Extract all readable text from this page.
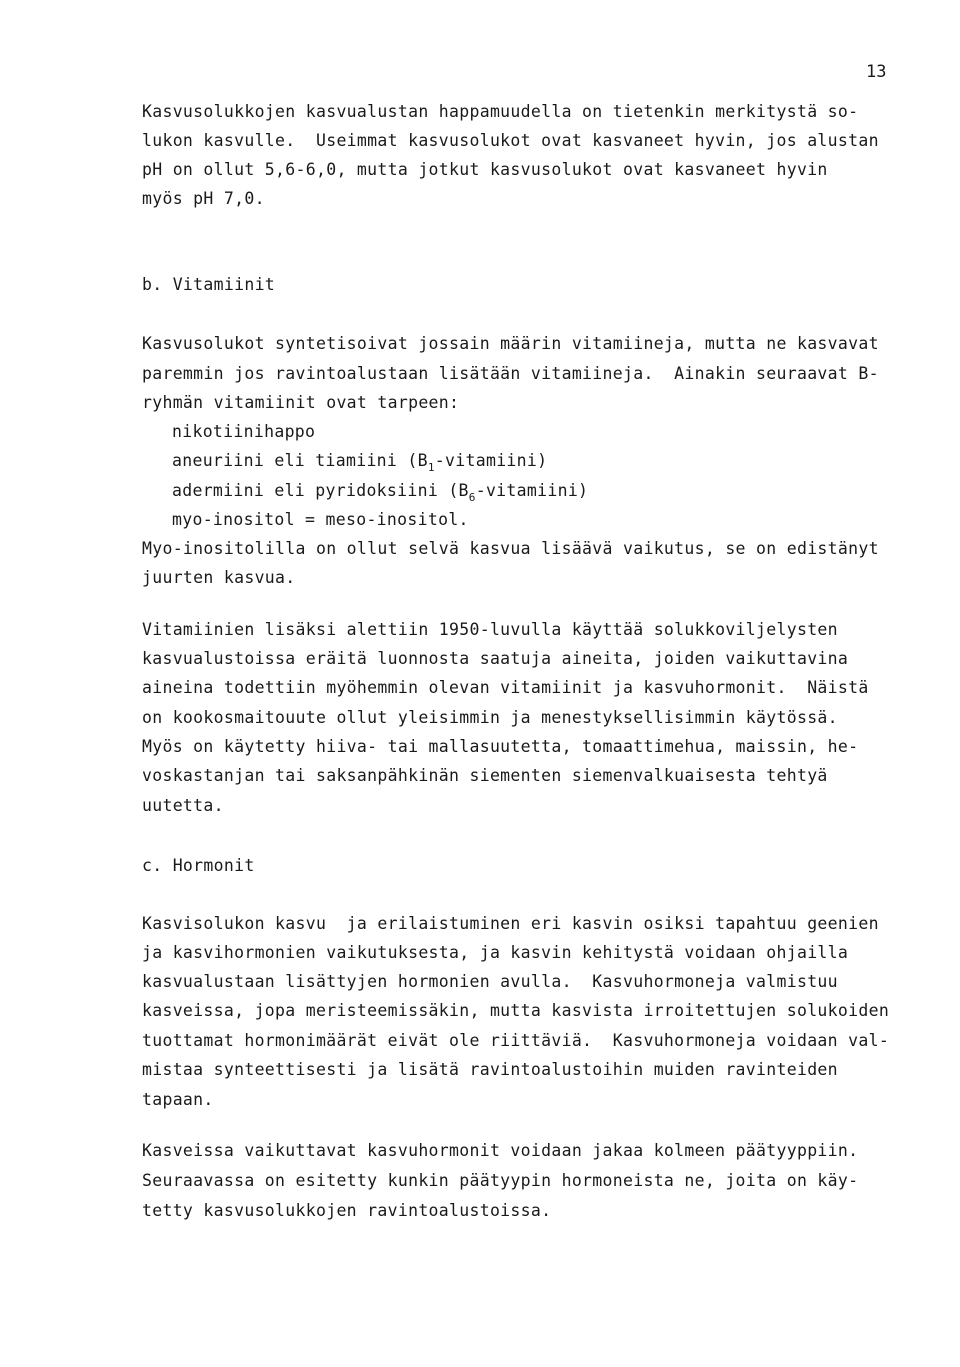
13
Kasvusolukkojen kasvualustan happamuudella on tietenkin merkitystä so-
lukon kasvulle.  Useimmat kasvusolukot ovat kasvaneet hyvin, jos alustan
pH on ollut 5,6-6,0, mutta jotkut kasvusolukot ovat kasvaneet hyvin
myös pH 7,0.
b. Vitamiinit
Kasvusolukot syntetisoivat jossain määrin vitamiineja, mutta ne kasvavat
paremmin jos ravintoalustaan lisätään vitamiineja.  Ainakin seuraavat B-
ryhmän vitamiinit ovat tarpeen:
nikotiinihappo
aneuriini eli tiamiini $(B_1-vitamiini)$
adermiini eli pyridoksiini $(B_6-vitamiini)$
myo-inositol = meso-inositol.
Myo-inositolilla on ollut selvä kasvua lisäävä vaikutus, se on edistänyt
juurten kasvua.
Vitamiinien lisäksi alettiin 1950-luvulla käyttää solukkoviljelysten
kasvualustoissa eräitä luonnosta saatuja aineita, joiden vaikuttavina
aineina todettiin myöhemmin olevan vitamiinit ja kasvuhormonit.  Näistä
on kookosmaitouute ollut yleisimmin ja menestyksellisimmin käytössä.
Myös on käytetty hiiva- tai mallasuutetta, tomaattimehua, maissin, he-
voskastanjan tai saksanpähkinän siementen siemenvalkuaisesta tehtyä
uutetta.
c. Hormonit
Kasvisolukon kasvu  ja erilaistuminen eri kasvin osiksi tapahtuu geenien
ja kasvihormonien vaikutuksesta, ja kasvin kehitystä voidaan ohjailla
kasvualustaan lisättyjen hormonien avulla.  Kasvuhormoneja valmistuu
kasveissa, jopa meristeemissäkin, mutta kasvista irroitettujen solukoiden
tuottamat hormonimäärät eivät ole riittäviä.  Kasvuhormoneja voidaan val-
mistaa synteettisesti ja lisätä ravintoalustoihin muiden ravinteiden
tapaan.
Kasveissa vaikuttavat kasvuhormonit voidaan jakaa kolmeen päätyyppiin.
Seuraavassa on esitetty kunkin päätyypin hormoneista ne, joita on käy-
tetty kasvusolukkojen ravintoalustoissa.
